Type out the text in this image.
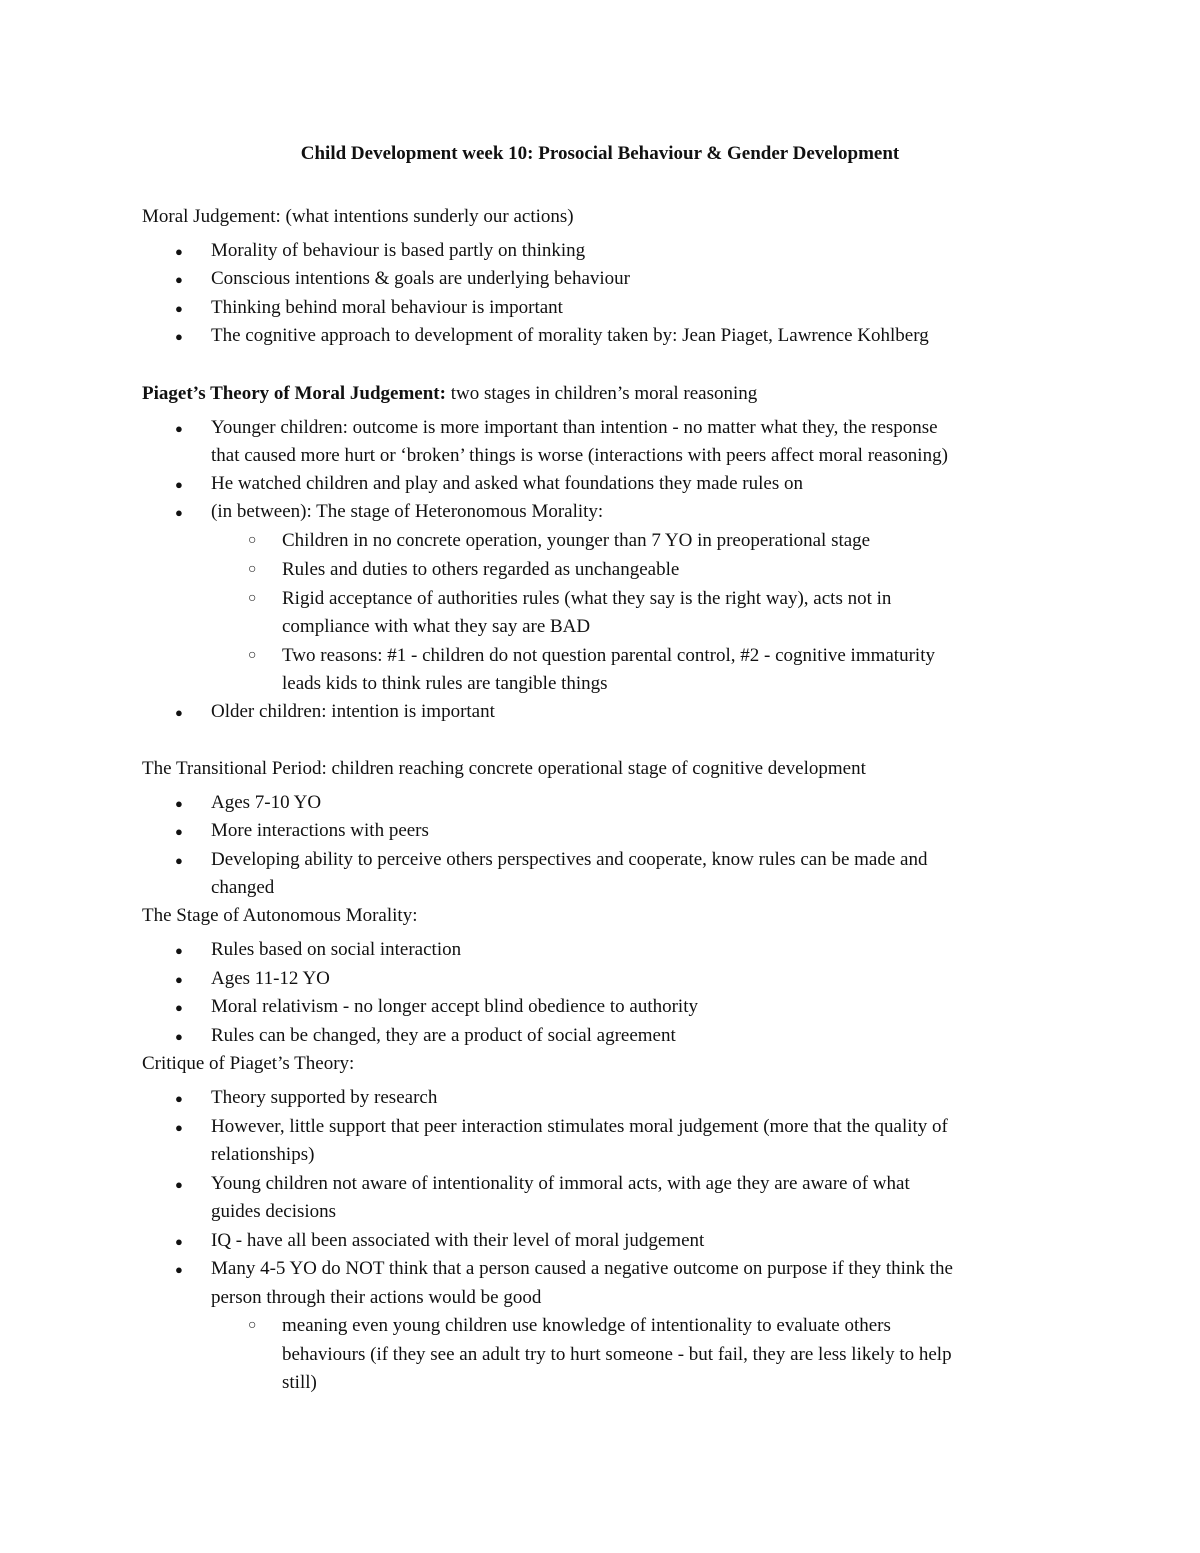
Child Development week 10: Prosocial Behaviour & Gender Development
Moral Judgement: (what intentions sunderly our actions)
● Morality of behaviour is based partly on thinking
● Conscious intentions & goals are underlying behaviour
● Thinking behind moral behaviour is important
● The cognitive approach to development of morality taken by: Jean Piaget, Lawrence Kohlberg
Piaget’s Theory of Moral Judgement: two stages in children’s moral reasoning
● Younger children: outcome is more important than intention - no matter what they, the response
that caused more hurt or ‘broken’ things is worse (interactions with peers affect moral reasoning)
● He watched children and play and asked what foundations they made rules on
● (in between): The stage of Heteronomous Morality:
○ Children in no concrete operation, younger than 7 YO in preoperational stage
○ Rules and duties to others regarded as unchangeable
○ Rigid acceptance of authorities rules (what they say is the right way), acts not in
compliance with what they say are BAD
○ Two reasons: #1 - children do not question parental control, #2 - cognitive immaturity
leads kids to think rules are tangible things
● Older children: intention is important
The Transitional Period: children reaching concrete operational stage of cognitive development
● Ages 7-10 YO
● More interactions with peers
● Developing ability to perceive others perspectives and cooperate, know rules can be made and
changed
The Stage of Autonomous Morality:
● Rules based on social interaction
● Ages 11-12 YO
● Moral relativism - no longer accept blind obedience to authority
● Rules can be changed, they are a product of social agreement
Critique of Piaget’s Theory:
● Theory supported by research
● However, little support that peer interaction stimulates moral judgement (more that the quality of
relationships)
● Young children not aware of intentionality of immoral acts, with age they are aware of what
guides decisions
● IQ - have all been associated with their level of moral judgement
● Many 4-5 YO do NOT think that a person caused a negative outcome on purpose if they think the
person through their actions would be good
○ meaning even young children use knowledge of intentionality to evaluate others
behaviours (if they see an adult try to hurt someone - but fail, they are less likely to help
still)
